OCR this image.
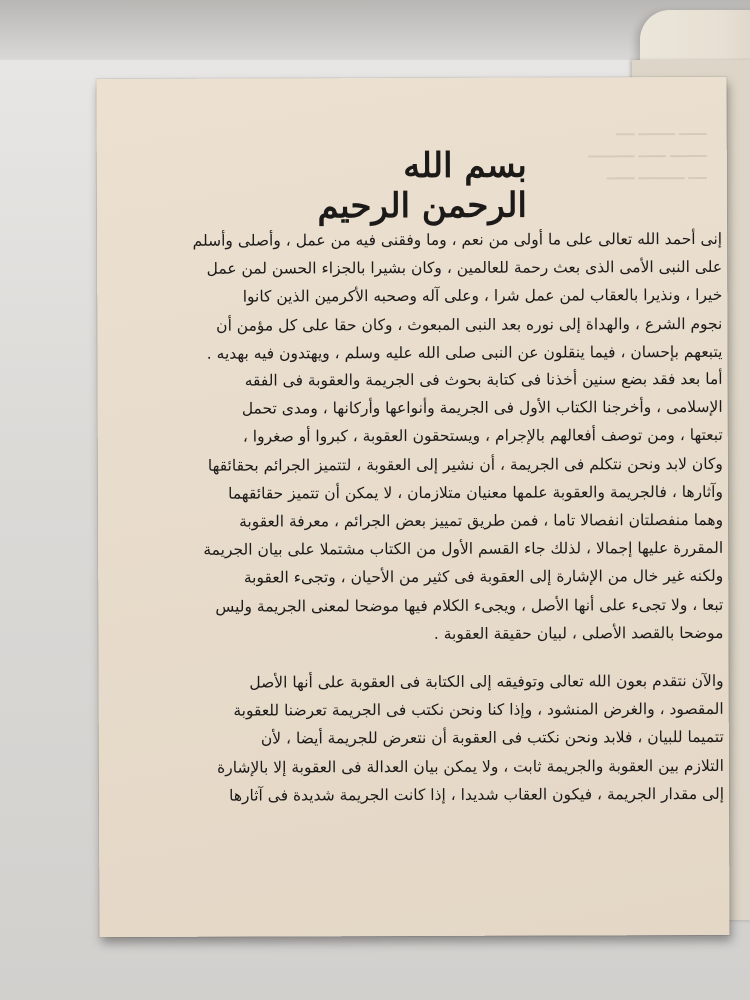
▁▁▁ ▁▁▁▁ ▁▁
▁▁▁▁ ▁▁▁ ▁▁▁▁▁
▁▁ ▁▁▁▁▁ ▁▁▁
بسم الله الرحمن الرحيم
إنى أحمد الله تعالى على ما أولى من نعم ، وما وفقنى فيه من عمل ، وأصلى وأسلم
على النبى الأمى الذى بعث رحمة للعالمين ، وكان بشيرا بالجزاء الحسن لمن عمل
خيرا ، ونذيرا بالعقاب لمن عمل شرا ، وعلى آله وصحبه الأكرمين الذين كانوا
نجوم الشرع ، والهداة إلى نوره بعد النبى المبعوث ، وكان حقا على كل مؤمن أن
يتبعهم بإحسان ، فيما ينقلون عن النبى صلى الله عليه وسلم ، ويهتدون فيه بهديه .
أما بعد فقد بضع سنين أخذنا فى كتابة بحوث فى الجريمة والعقوبة فى الفقه
الإسلامى ، وأخرجنا الكتاب الأول فى الجريمة وأنواعها وأركانها ، ومدى تحمل
تبعتها ، ومن توصف أفعالهم بالإجرام ، ويستحقون العقوبة ، كبروا أو صغروا ،
وكان لابد ونحن نتكلم فى الجريمة ، أن نشير إلى العقوبة ، لتتميز الجرائم بحقائقها
وآثارها ، فالجريمة والعقوبة علمها معنيان متلازمان ، لا يمكن أن تتميز حقائقهما
وهما منفصلتان انفصالا تاما ، فمن طريق تمييز بعض الجرائم ، معرفة العقوبة
المقررة عليها إجمالا ، لذلك جاء القسم الأول من الكتاب مشتملا على بيان الجريمة
ولكنه غير خال من الإشارة إلى العقوبة فى كثير من الأحيان ، وتجىء العقوبة
تبعا ، ولا تجىء على أنها الأصل ، ويجىء الكلام فيها موضحا لمعنى الجريمة وليس
موضحا بالقصد الأصلى ، لبيان حقيقة العقوبة .
والآن نتقدم بعون الله تعالى وتوفيقه إلى الكتابة فى العقوبة على أنها الأصل
المقصود ، والغرض المنشود ، وإذا كنا ونحن نكتب فى الجريمة تعرضنا للعقوبة
تتميما للبيان ، فلابد ونحن نكتب فى العقوبة أن نتعرض للجريمة أيضا ، لأن
التلازم بين العقوبة والجريمة ثابت ، ولا يمكن بيان العدالة فى العقوبة إلا بالإشارة
إلى مقدار الجريمة ، فيكون العقاب شديدا ، إذا كانت الجريمة شديدة فى آثارها
